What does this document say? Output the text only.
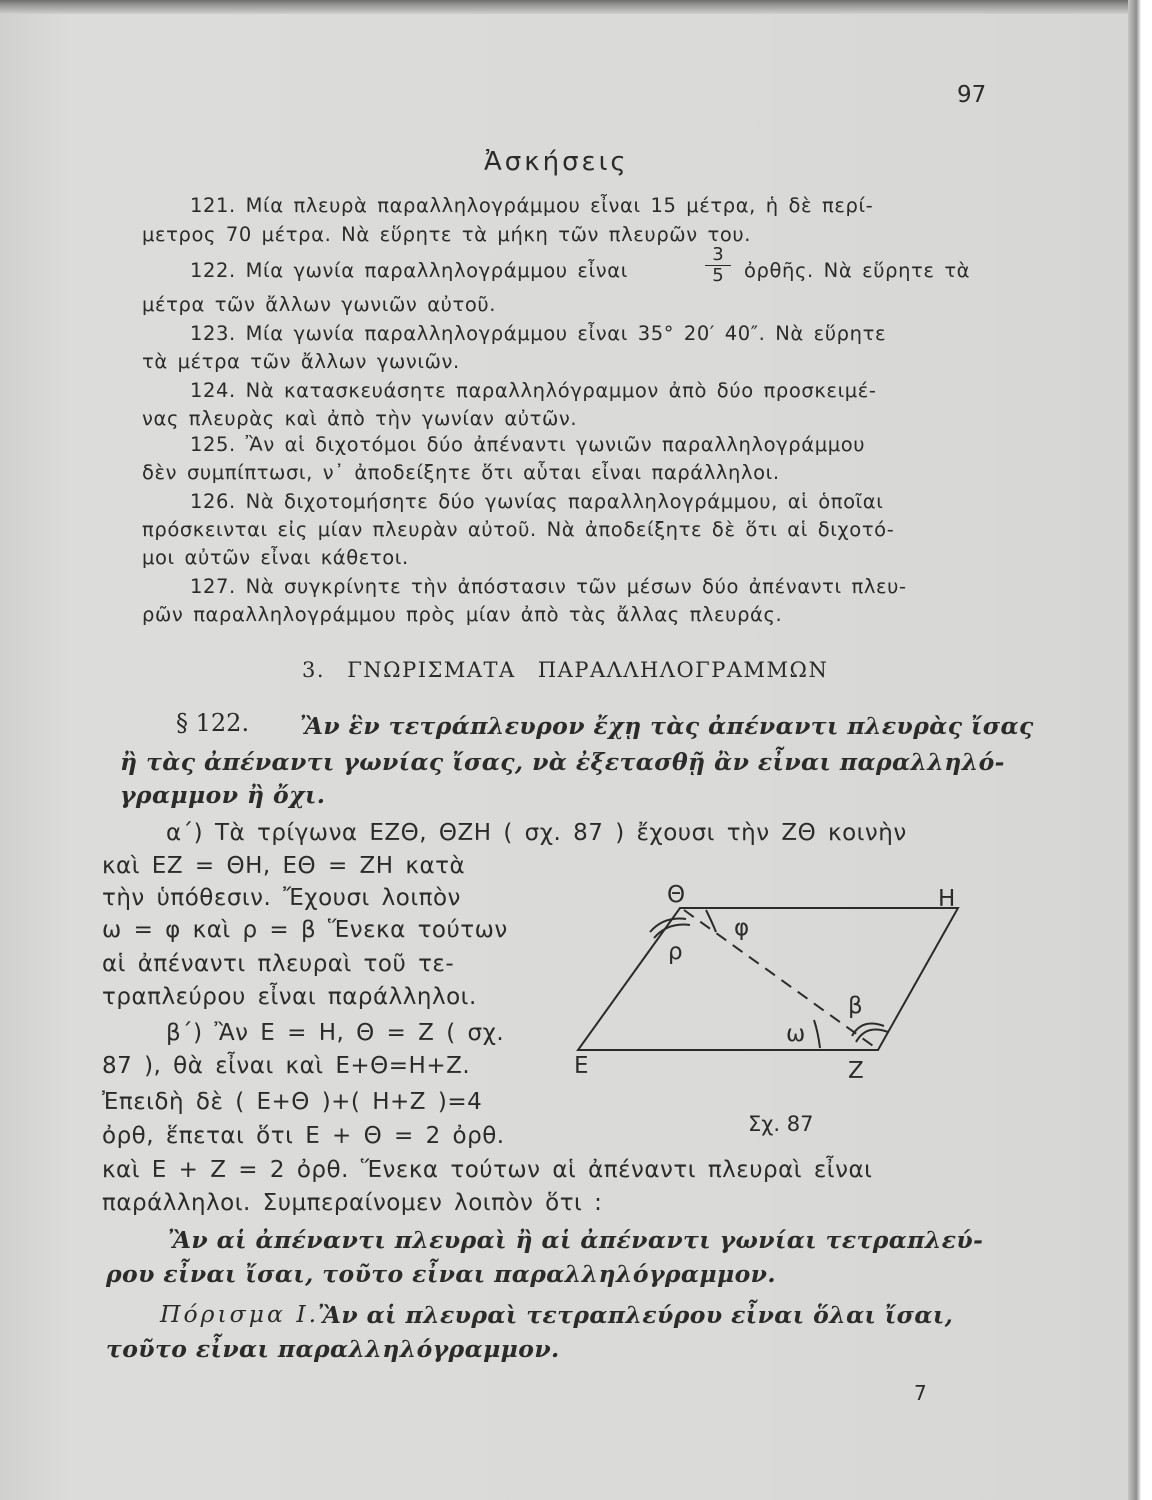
97
Ἀσκήσεις
121. Μία πλευρὰ παραλληλογράμμου εἶναι 15 μέτρα, ἡ δὲ περί-
μετρος 70 μέτρα. Νὰ εὕρητε τὰ μήκη τῶν πλευρῶν του.
122. Μία γωνία παραλληλογράμμου εἶναι	$\frac{3}{5}$ ὀρθῆς. Νὰ εὕρητε τὰ
μέτρα τῶν ἄλλων γωνιῶν αὐτοῦ.
123. Μία γωνία παραλληλογράμμου εἶναι 35° 20′ 40″. Νὰ εὕρητε
τὰ μέτρα τῶν ἄλλων γωνιῶν.
124. Νὰ κατασκευάσητε παραλληλόγραμμον ἀπὸ δύο προσκειμέ-
νας πλευρὰς καὶ ἀπὸ τὴν γωνίαν αὐτῶν.
125. Ἂν αἱ διχοτόμοι δύο ἀπέναντι γωνιῶν παραλληλογράμμου
δὲν συμπίπτωσι, ν᾽ ἀποδείξητε ὅτι αὗται εἶναι παράλληλοι.
126. Νὰ διχοτομήσητε δύο γωνίας παραλληλογράμμου, αἱ ὁποῖαι
πρόσκεινται εἰς μίαν πλευρὰν αὐτοῦ. Νὰ ἀποδείξητε δὲ ὅτι αἱ διχοτό-
μοι αὐτῶν εἶναι κάθετοι.
127. Νὰ συγκρίνητε τὴν ἀπόστασιν τῶν μέσων δύο ἀπέναντι πλευ-
ρῶν παραλληλογράμμου πρὸς μίαν ἀπὸ τὰς ἄλλας πλευράς.
3. ΓΝΩΡΙΣΜΑΤΑ ΠΑΡΑΛΛΗΛΟΓΡΑΜΜΩΝ
§ 122. Ἂν ἓν τετράπλευρον ἔχῃ τὰς ἀπέναντι πλευρὰς ἴσας
ἢ τὰς ἀπέναντι γωνίας ἴσας, νὰ ἐξετασθῇ ἂν εἶναι παραλληλό-
γραμμον ἢ ὄχι.
α΄) Τὰ τρίγωνα ΕΖΘ, ΘΖΗ ( σχ. 87 ) ἔχουσι τὴν ΖΘ κοινὴν
καὶ ΕΖ = ΘΗ, ΕΘ = ΖΗ κατὰ
τὴν ὑπόθεσιν. Ἔχουσι λοιπὸν
ω = φ καὶ ρ = β Ἕνεκα τούτων
αἱ ἀπέναντι πλευραὶ τοῦ τε-
τραπλεύρου εἶναι παράλληλοι.
β΄) Ἂν Ε = Η, Θ = Ζ ( σχ.
87 ), θὰ εἶναι καὶ Ε+Θ=Η+Ζ.
Ἐπειδὴ δὲ ( Ε+Θ )+( Η+Ζ )=4
ὀρθ, ἕπεται ὅτι Ε + Θ = 2 ὀρθ.
καὶ Ε + Ζ = 2 ὀρθ. Ἕνεκα τούτων αἱ ἀπέναντι πλευραὶ εἶναι
παράλληλοι. Συμπεραίνομεν λοιπὸν ὅτι :
Ἂν αἱ ἀπέναντι πλευραὶ ἢ αἱ ἀπέναντι γωνίαι τετραπλεύ-
ρου εἶναι ἴσαι, τοῦτο εἶναι παραλληλόγραμμον.
Πόρισμα Ι.
Ἂν αἱ πλευραὶ τετραπλεύρου εἶναι ὅλαι ἴσαι,
τοῦτο εἶναι παραλληλόγραμμον.
7
Θ	Η
Ε	Ζ
φ
ρ
β
ω
Σχ. 87
